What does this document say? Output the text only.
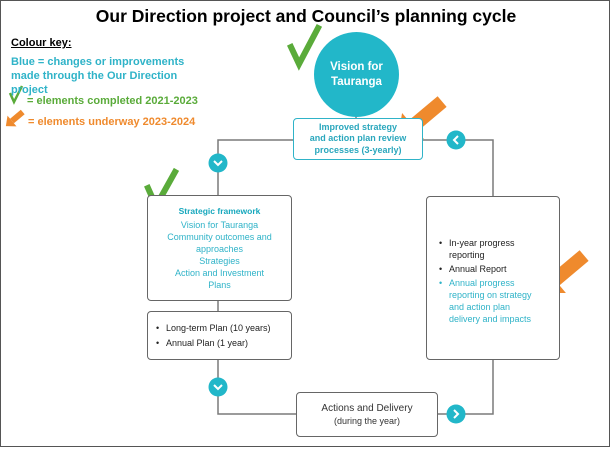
Our Direction project and Council’s planning cycle
Colour key:
Blue = changes or improvements made through the Our Direction project
= elements completed 2021-2023
= elements underway 2023-2024
Vision for
Tauranga
Improved strategy
and action plan review
processes (3-yearly)
Strategic framework
Vision for Tauranga
Community outcomes and
approaches
Strategies
Action and Investment
Plans
• Long-term Plan (10 years)
• Annual Plan (1 year)
• In-year progress
reporting
• Annual Report
• Annual progress
reporting on strategy
and action plan
delivery and impacts
Actions and Delivery
(during the year)
